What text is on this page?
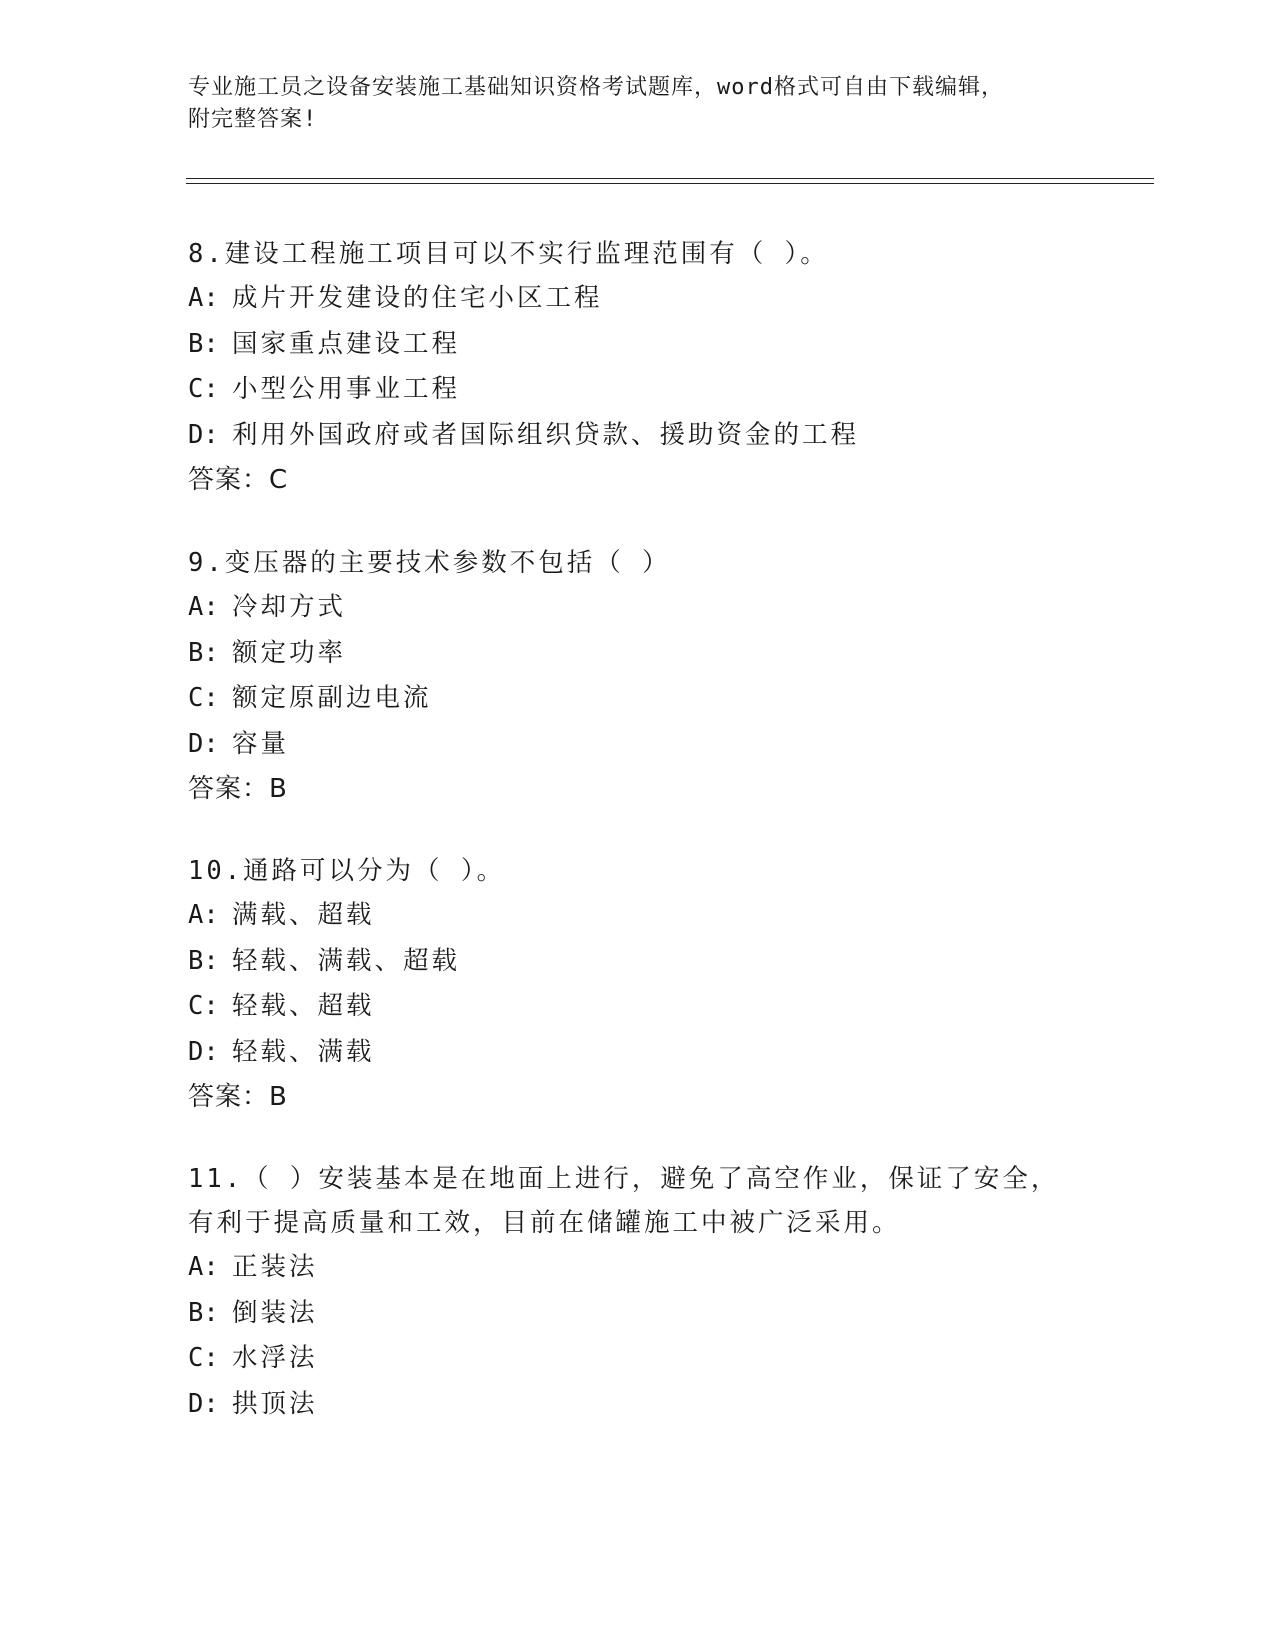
专业施工员之设备安装施工基础知识资格考试题库，word格式可自由下载编辑，
附完整答案!
8.建设工程施工项目可以不实行监理范围有（ ）。
A: 成片开发建设的住宅小区工程
B: 国家重点建设工程
C: 小型公用事业工程
D: 利用外国政府或者国际组织贷款、援助资金的工程
答案：C
9.变压器的主要技术参数不包括（ ）
A: 冷却方式
B: 额定功率
C: 额定原副边电流
D: 容量
答案：B
10.通路可以分为（ ）。
A: 满载、超载
B: 轻载、满载、超载
C: 轻载、超载
D: 轻载、满载
答案：B
11.（ ）安装基本是在地面上进行，避免了高空作业，保证了安全，
有利于提高质量和工效，目前在储罐施工中被广泛采用。
A: 正装法
B: 倒装法
C: 水浮法
D: 拱顶法
